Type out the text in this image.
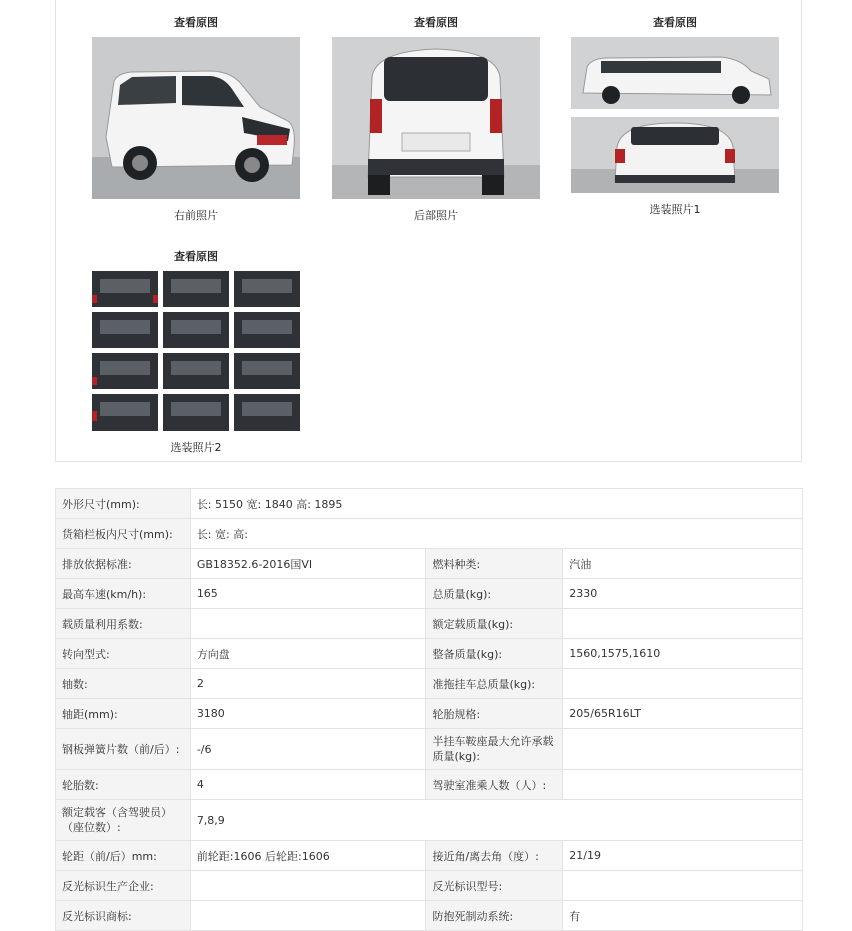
查看原图
右前照片
查看原图
后部照片
查看原图
选装照片1
查看原图
选装照片2
外形尺寸(mm):	长: 5150 宽: 1840 高: 1895		
货箱栏板内尺寸(mm):	长: 宽: 高:		
排放依据标准:	GB18352.6-2016国VI	燃料种类:	汽油
最高车速(km/h):	165	总质量(kg):	2330
载质量利用系数:		额定载质量(kg):	
转向型式:	方向盘	整备质量(kg):	1560,1575,1610
轴数:	2	准拖挂车总质量(kg):	
轴距(mm):	3180	轮胎规格:	205/65R16LT
钢板弹簧片数（前/后）:	-/6	半挂车鞍座最大允许承载质量(kg):	

轮胎数:	4	驾驶室准乘人数（人）:	

额定载客（含驾驶员）（座位数）:	7,8,9		
轮距（前/后）mm:	前轮距:1606 后轮距:1606	接近角/离去角（度）:	21/19
反光标识生产企业:		反光标识型号:	
反光标识商标:		防抱死制动系统:	有
